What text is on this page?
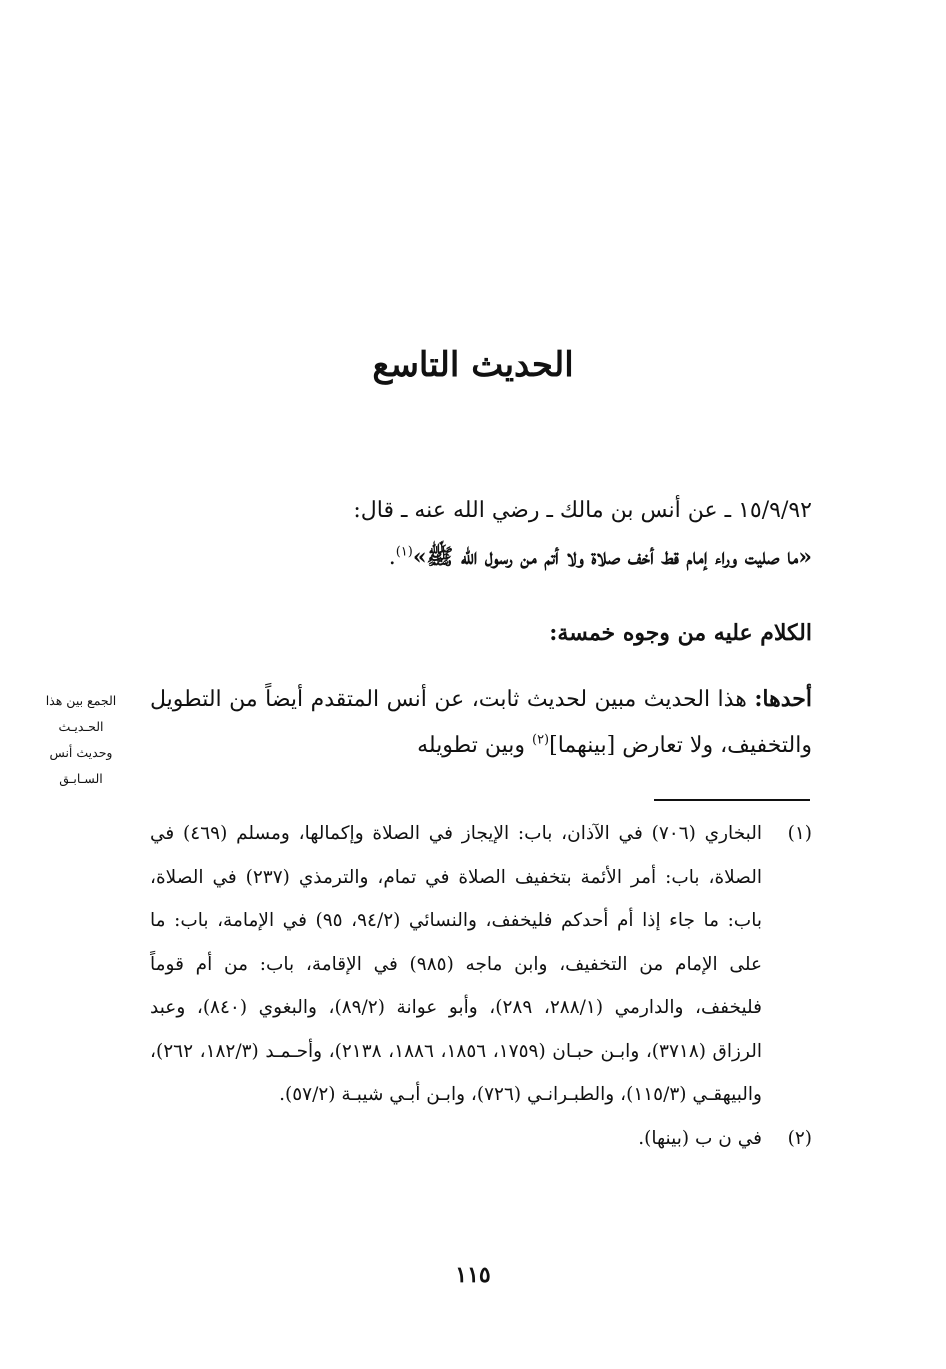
الحديث التاسع
١٥/٩/٩٢ ـ عن أنس بن مالك ـ رضي الله عنه ـ قال:
«ما صليت وراء إمام قط أخف صلاة ولا أتم من رسول الله ﷺ»$^{(١)}$.
الكلام عليه من وجوه خمسة:
أحدها: هذا الحديث مبين لحديث ثابت، عن أنس المتقدم أيضاً من التطويل والتخفيف، ولا تعارض [بينهما]$^{(٢)}$ وبين تطويله
الجمع بين هذا
الحـديـث
وحديث أنس
السـابـق
(١)
البخاري (٧٠٦) في الآذان، باب: الإيجاز في الصلاة وإكمالها، ومسلم (٤٦٩) في الصلاة، باب: أمر الأئمة بتخفيف الصلاة في تمام، والترمذي (٢٣٧) في الصلاة، باب: ما جاء إذا أم أحدكم فليخفف، والنسائي (٩٤/٢، ٩٥) في الإمامة، باب: ما على الإمام من التخفيف، وابن ماجه (٩٨٥) في الإقامة، باب: من أم قوماً فليخفف، والدارمي (٢٨٨/١، ٢٨٩)، وأبو عوانة (٨٩/٢)، والبغوي (٨٤٠)، وعبد الرزاق (٣٧١٨)، وابـن حبـان (١٧٥٩، ١٨٥٦، ١٨٨٦، ٢١٣٨)، وأحـمـد (١٨٢/٣، ٢٦٢)، والبيهقـي (١١٥/٣)، والطبـرانـي (٧٢٦)، وابـن أبـي شيبـة (٥٧/٢).
(٢)
في ن ب (بينها).
١١٥
